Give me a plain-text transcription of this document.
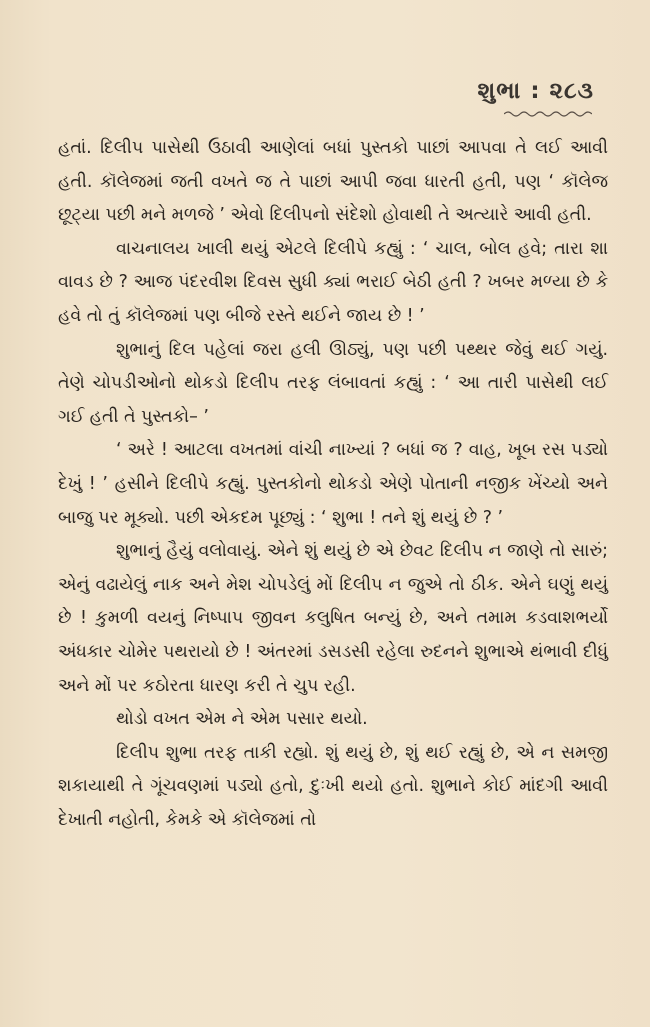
શુભા : ૨૮૩

હતાં. દિલીપ પાસેથી ઉઠાવી આણેલાં બધાં પુસ્તકો પાછાં આપવા તે લઈ આવી હતી. કૉલેજમાં જતી વખતે જ તે પાછાં આપી જવા ધારતી હતી, પણ ‘ કૉલેજ છૂટ્યા પછી મને મળજે ’ એવો દિલીપનો સંદેશો હોવાથી તે અત્યારે આવી હતી.

વાચનાલય ખાલી થયું એટલે દિલીપે કહ્યું : ‘ ચાલ, બોલ હવે; તારા શા વાવડ છે ? આજ પંદરવીશ દિવસ સુધી ક્યાં ભરાઈ બેઠી હતી ? ખબર મળ્યા છે કે હવે તો તું કૉલેજમાં પણ બીજે રસ્તે થઈને જાય છે ! ’

શુભાનું દિલ પહેલાં જરા હલી ઊઠ્યું, પણ પછી પથ્થર જેવું થઈ ગયું. તેણે ચોપડીઓનો થોકડો દિલીપ તરફ લંબાવતાં કહ્યું : ‘ આ તારી પાસેથી લઈ ગઈ હતી તે પુસ્તકો– ’

‘ અરે ! આટલા વખતમાં વાંચી નાખ્યાં ? બધાં જ ? વાહ, ખૂબ રસ પડ્યો દેખું ! ’ હસીને દિલીપે કહ્યું. પુસ્તકોનો થોકડો એણે પોતાની નજીક ખેંચ્યો અને બાજુ પર મૂક્યો. પછી એકદમ પૂછ્યું : ‘ શુભા ! તને શું થયું છે ? ’

શુભાનું હૈયું વલોવાયું. એને શું થયું છે એ છેવટ દિલીપ ન જાણે તો સારું; એનું વઢાયેલું નાક અને મેશ ચોપડેલું મોં દિલીપ ન જુએ તો ઠીક. એને ઘણું થયું છે ! કુમળી વયનું નિષ્પાપ જીવન કલુષિત બન્યું છે, અને તમામ કડવાશભર્યો અંધકાર ચોમેર પથરાયો છે ! અંતરમાં ડસડસી રહેલા રુદનને શુભાએ થંભાવી દીધું અને મોં પર કઠોરતા ધારણ કરી તે ચુપ રહી.

થોડો વખત એમ ને એમ પસાર થયો.

દિલીપ શુભા તરફ તાકી રહ્યો. શું થયું છે, શું થઈ રહ્યું છે, એ ન સમજી શકાયાથી તે ગૂંચવણમાં પડ્યો હતો, દુઃખી થયો હતો. શુભાને કોઈ માંદગી આવી દેખાતી નહોતી, કેમકે એ કૉલેજમાં તો
